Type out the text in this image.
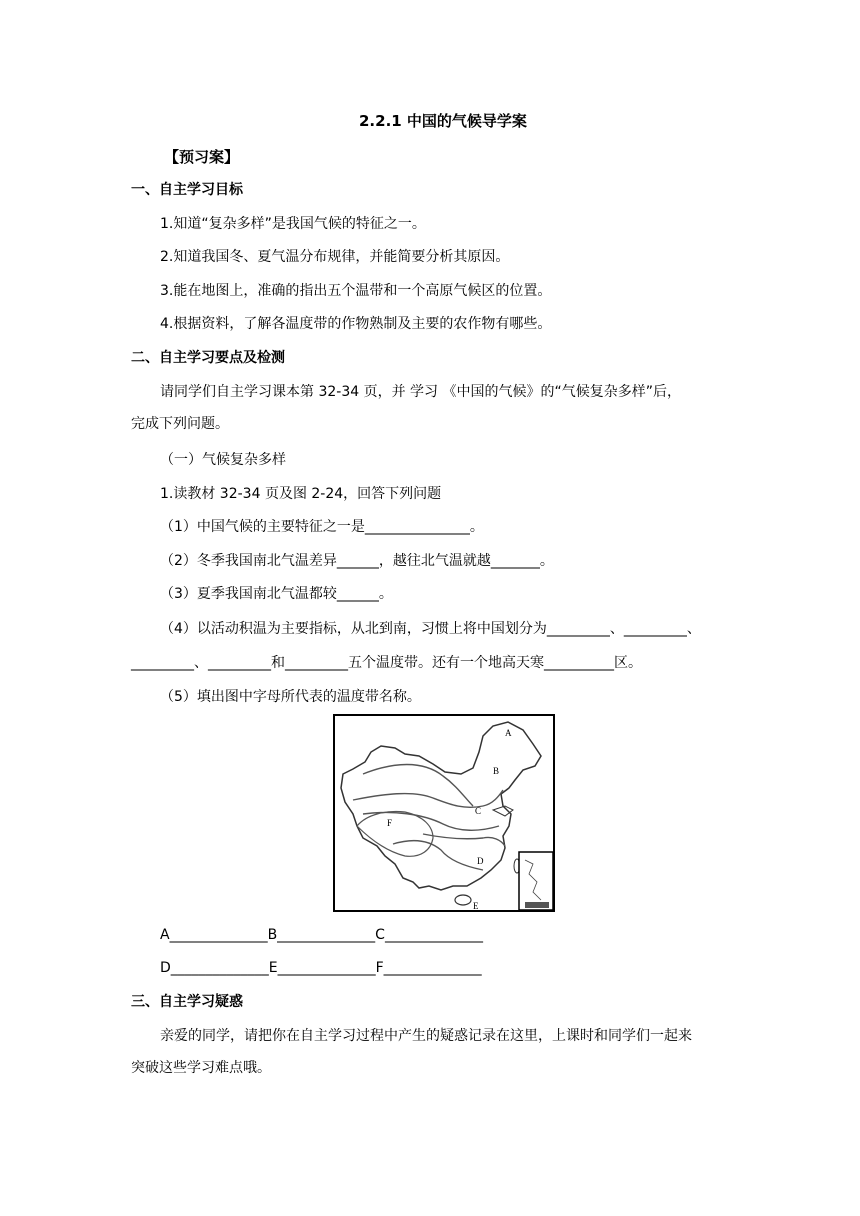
2.2.1 中国的气候导学案
【预习案】
一、自主学习目标
1.知道“复杂多样”是我国气候的特征之一。
2.知道我国冬、夏气温分布规律，并能简要分析其原因。
3.能在地图上，准确的指出五个温带和一个高原气候区的位置。
4.根据资料，了解各温度带的作物熟制及主要的农作物有哪些。
二、自主学习要点及检测
请同学们自主学习课本第 32-34 页，并 学习 《中国的气候》的“气候复杂多样”后，
完成下列问题。
（一）气候复杂多样
1.读教材 32-34 页及图 2-24，回答下列问题
（1）中国气候的主要特征之一是_______________。
（2）冬季我国南北气温差异______，越往北气温就越_______。
（3）夏季我国南北气温都较______。
（4）以活动积温为主要指标，从北到南，习惯上将中国划分为_________、_________、
_________、_________和_________五个温度带。还有一个地高天寒__________区。
（5）填出图中字母所代表的温度带名称。
A
B
C
D
E
F
A______________B______________C______________
D______________E______________F______________
三、自主学习疑惑
亲爱的同学，请把你在自主学习过程中产生的疑惑记录在这里，上课时和同学们一起来
突破这些学习难点哦。
